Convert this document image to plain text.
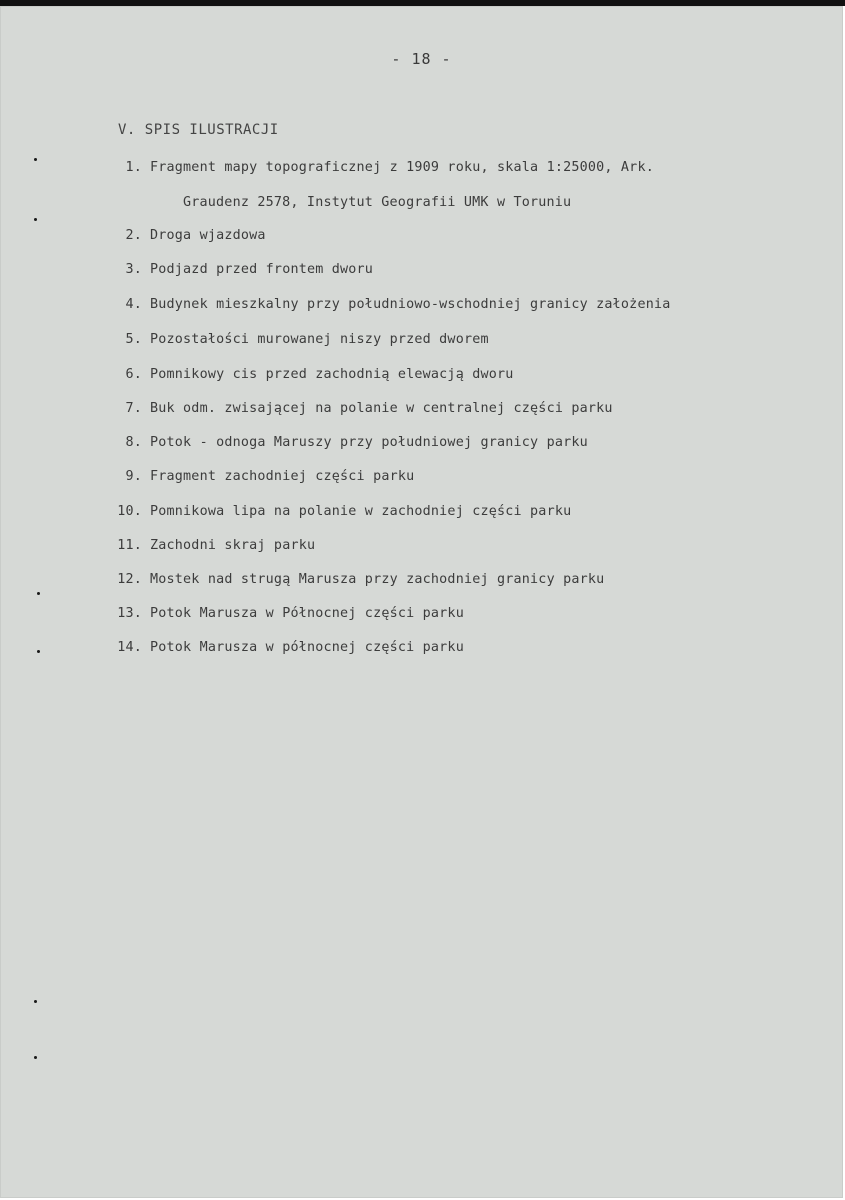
- 18 -
V. SPIS ILUSTRACJI
1. Fragment mapy topograficznej z 1909 roku, skala 1:25000, Ark.
Graudenz 2578, Instytut Geografii UMK w Toruniu
2. Droga wjazdowa
3. Podjazd przed frontem dworu
4. Budynek mieszkalny przy południowo-wschodniej granicy założenia
5. Pozostałości murowanej niszy przed dworem
6. Pomnikowy cis przed zachodnią elewacją dworu
7. Buk odm. zwisającej na polanie w centralnej części parku
8. Potok - odnoga Maruszy przy południowej granicy parku
9. Fragment zachodniej części parku
10. Pomnikowa lipa na polanie w zachodniej części parku
11. Zachodni skraj parku
12. Mostek nad strugą Marusza przy zachodniej granicy parku
13. Potok Marusza w Północnej części parku
14. Potok Marusza w północnej części parku
